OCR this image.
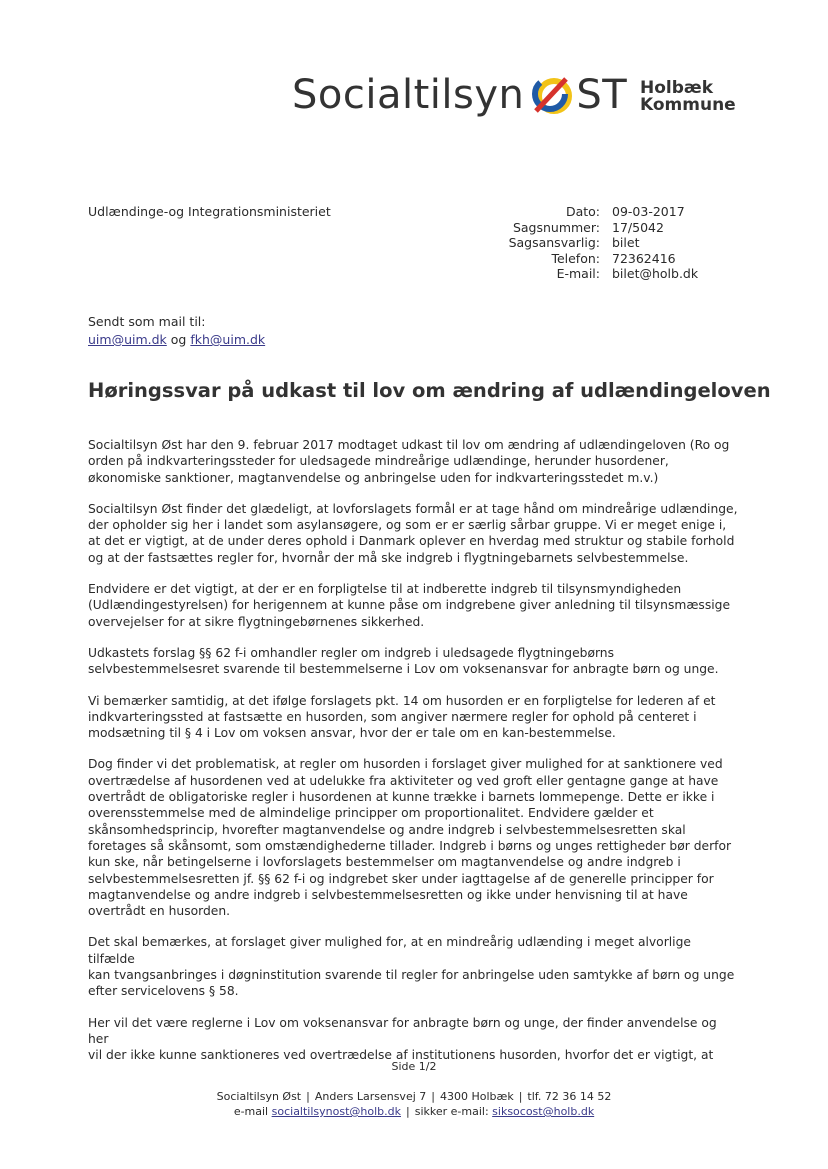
Socialtilsyn ST Holbæk
Kommune
Udlændinge-og Integrationsministeriet	Dato: 09-03-2017
Sagsnummer: 17/5042
Sagsansvarlig: bilet
Telefon: 72362416
E-mail: bilet@holb.dk
Sendt som mail til:
uim@uim.dk og fkh@uim.dk
Høringssvar på udkast til lov om ændring af udlændingeloven

Socialtilsyn Øst har den 9. februar 2017 modtaget udkast til lov om ændring af udlændingeloven (Ro og
orden på indkvarteringssteder for uledsagede mindreårige udlændinge, herunder husordener,
økonomiske sanktioner, magtanvendelse og anbringelse uden for indkvarteringsstedet m.v.)

Socialtilsyn Øst finder det glædeligt, at lovforslagets formål er at tage hånd om mindreårige udlændinge,
der opholder sig her i landet som asylansøgere, og som er er særlig sårbar gruppe. Vi er meget enige i,
at det er vigtigt, at de under deres ophold i Danmark oplever en hverdag med struktur og stabile forhold
og at der fastsættes regler for, hvornår der må ske indgreb i flygtningebarnets selvbestemmelse.

Endvidere er det vigtigt, at der er en forpligtelse til at indberette indgreb til tilsynsmyndigheden
(Udlændingestyrelsen) for herigennem at kunne påse om indgrebene giver anledning til tilsynsmæssige
overvejelser for at sikre flygtningebørnenes sikkerhed.

Udkastets forslag §§ 62 f-i omhandler regler om indgreb i uledsagede flygtningebørns
selvbestemmelsesret svarende til bestemmelserne i Lov om voksenansvar for anbragte børn og unge.

Vi bemærker samtidig, at det ifølge forslagets pkt. 14 om husorden er en forpligtelse for lederen af et
indkvarteringssted at fastsætte en husorden, som angiver nærmere regler for ophold på centeret i
modsætning til § 4 i Lov om voksen ansvar, hvor der er tale om en kan-bestemmelse.

Dog finder vi det problematisk, at regler om husorden i forslaget giver mulighed for at sanktionere ved
overtrædelse af husordenen ved at udelukke fra aktiviteter og ved groft eller gentagne gange at have
overtrådt de obligatoriske regler i husordenen at kunne trække i barnets lommepenge. Dette er ikke i
overensstemmelse med de almindelige principper om proportionalitet. Endvidere gælder et
skånsomhedsprincip, hvorefter magtanvendelse og andre indgreb i selvbestemmelsesretten skal
foretages så skånsomt, som omstændighederne tillader. Indgreb i børns og unges rettigheder bør derfor
kun ske, når betingelserne i lovforslagets bestemmelser om magtanvendelse og andre indgreb i
selvbestemmelsesretten jf. §§ 62 f-i og indgrebet sker under iagttagelse af de generelle principper for
magtanvendelse og andre indgreb i selvbestemmelsesretten og ikke under henvisning til at have
overtrådt en husorden.

Det skal bemærkes, at forslaget giver mulighed for, at en mindreårig udlænding i meget alvorlige tilfælde
kan tvangsanbringes i døgninstitution svarende til regler for anbringelse uden samtykke af børn og unge
efter servicelovens § 58.

Her vil det være reglerne i Lov om voksenansvar for anbragte børn og unge, der finder anvendelse og her
vil der ikke kunne sanktioneres ved overtrædelse af institutionens husorden, hvorfor det er vigtigt, at

Side 1/2
Socialtilsyn Øst | Anders Larsensvej 7 | 4300 Holbæk | tlf. 72 36 14 52
e-mail socialtilsynost@holb.dk | sikker e-mail: siksocost@holb.dk
